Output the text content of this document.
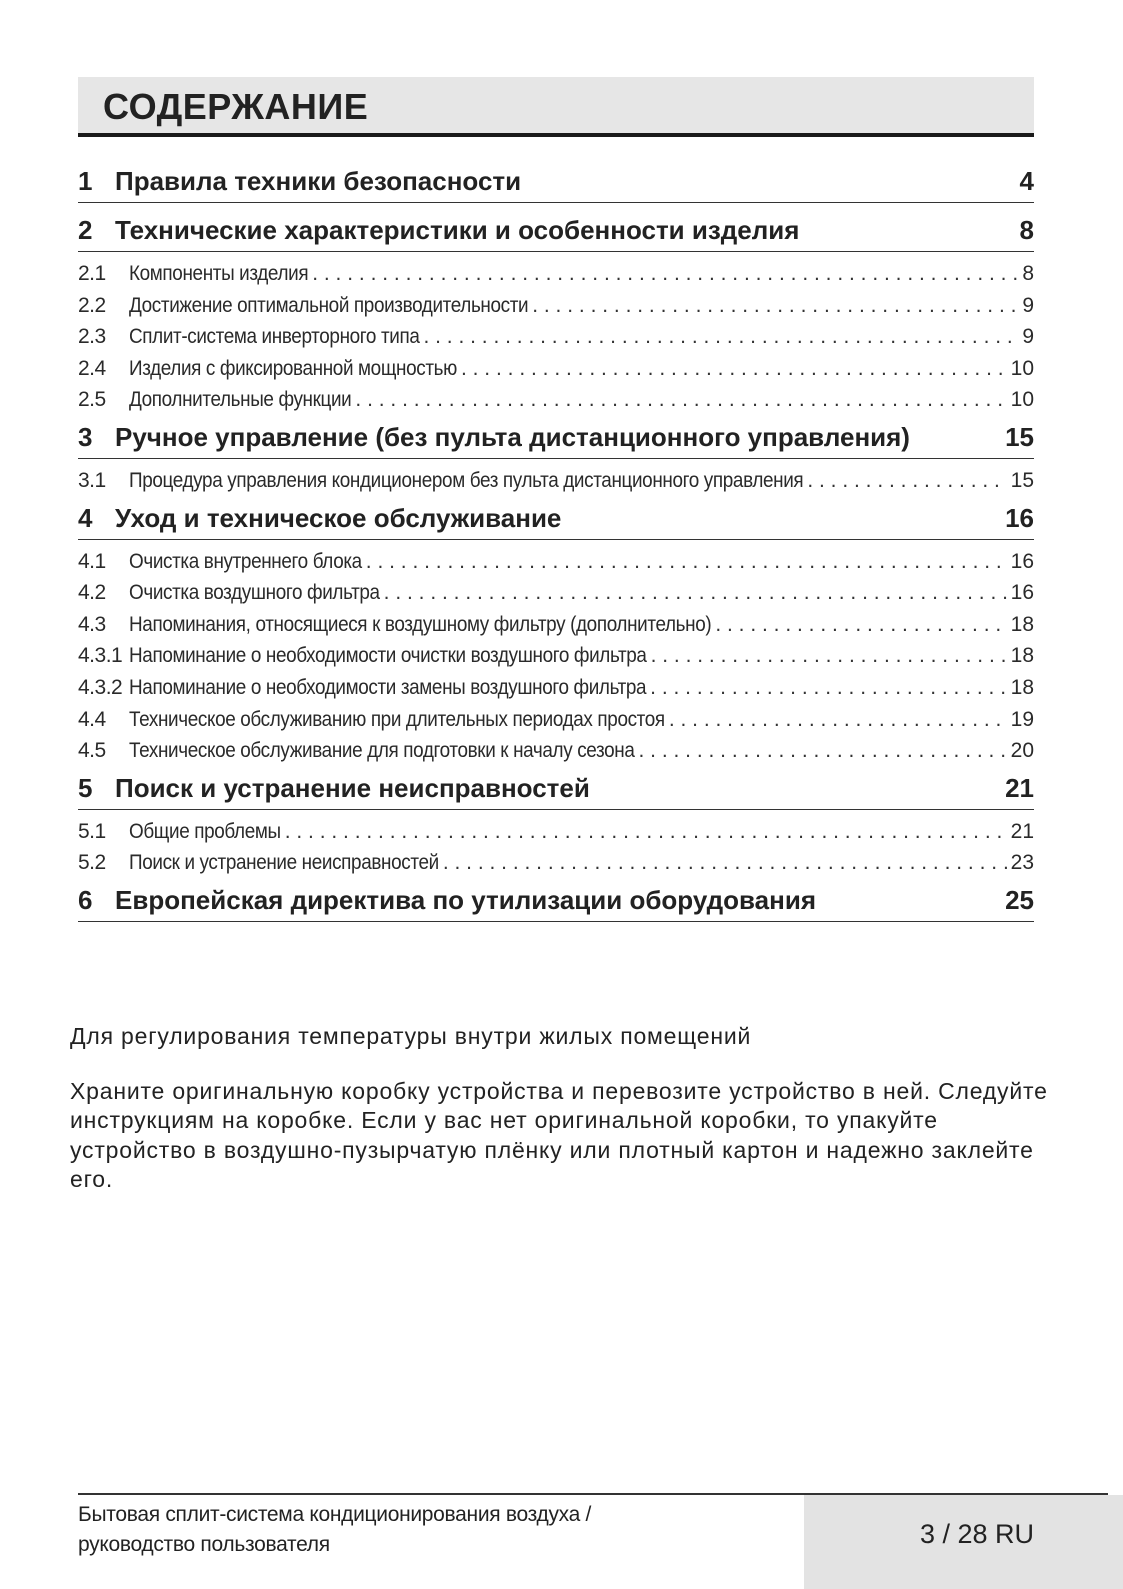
СОДЕРЖАНИЕ
1 Правила техники безопасности	4
2 Технические характеристики и особенности изделия	8
2.1	Компоненты изделия . . .	8
2.2	Достижение оптимальной производительности . . .	9
2.3	Сплит-система инверторного типа . . .	9
2.4	Изделия с фиксированной мощностью . . .	10
2.5	Дополнительные функции . . .	10
3 Ручное управление (без пульта дистанционного управления)	15
3.1	Процедура управления кондиционером без пульта дистанционного управления . . .	15
4 Уход и техническое обслуживание	16
4.1	Очистка внутреннего блока . . .	16
4.2	Очистка воздушного фильтра . . .	16
4.3	Напоминания, относящиеся к воздушному фильтру (дополнительно) . . .	18
4.3.1 Напоминание о необходимости очистки воздушного фильтра . . .	18
4.3.2 Напоминание о необходимости замены воздушного фильтра . . .	18
4.4	Техническое обслуживанию при длительных периодах простоя . . .	19
4.5	Техническое обслуживание для подготовки к началу сезона . . .	20
5 Поиск и устранение неисправностей	21
5.1	Общие проблемы . . .	21
5.2	Поиск и устранение неисправностей . . .	23
6 Европейская директива по утилизации оборудования	25

Для регулирования температуры внутри жилых помещений

Храните оригинальную коробку устройства и перевозите устройство в ней. Следуйте инструкциям на коробке. Если у вас нет оригинальной коробки, то упакуйте устройство в воздушно-пузырчатую плёнку или плотный картон и надежно заклейте его.

Бытовая сплит-система кондиционирования воздуха /
руководство пользователя	3 / 28 RU
